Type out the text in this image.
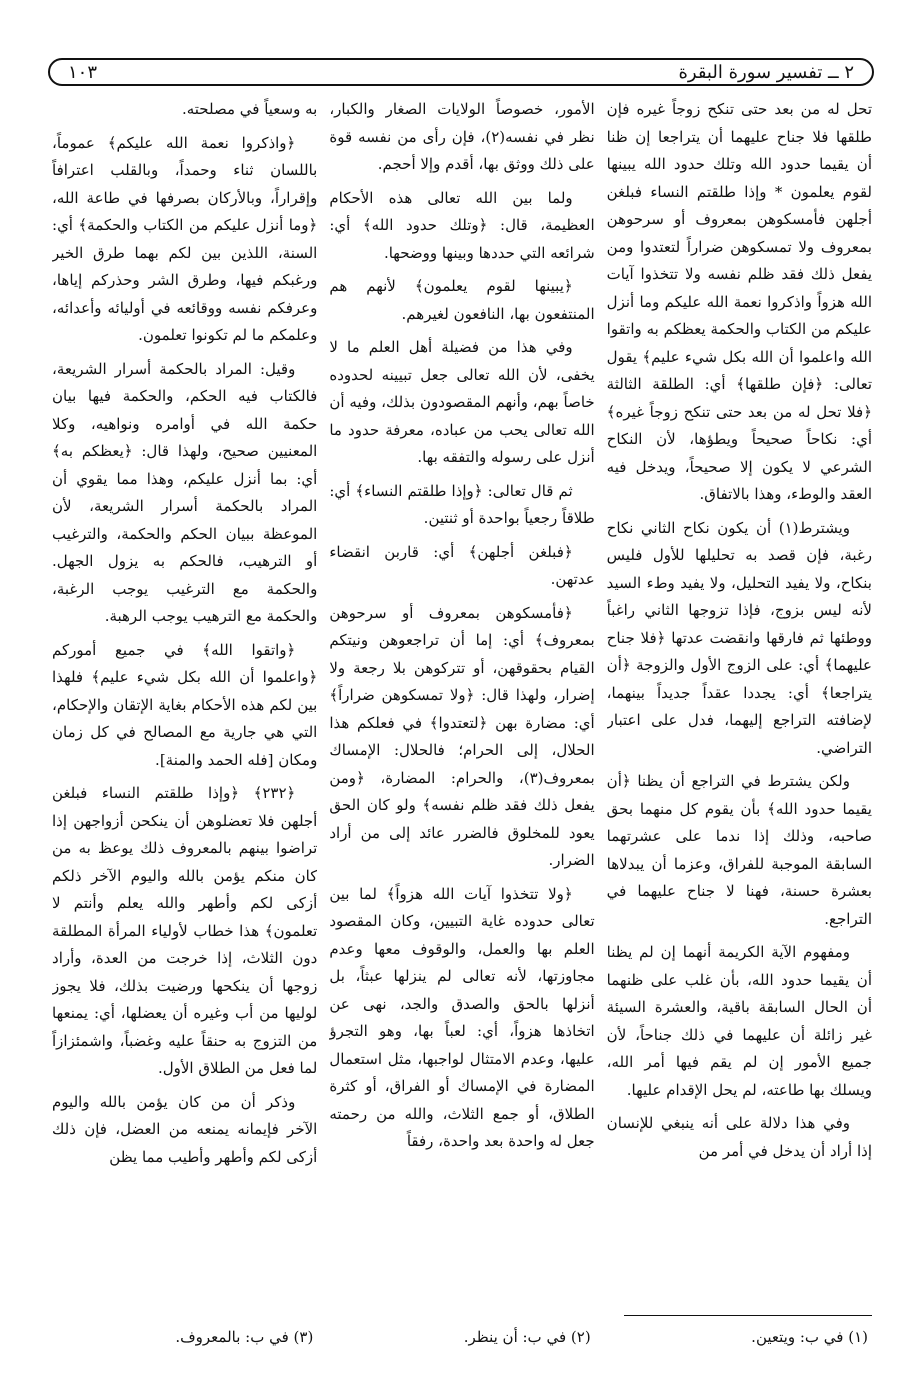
٢ ــ تفسير سورة البقرة
١٠٣

تحل له من بعد حتى تنكح زوجاً غيره فإن طلقها فلا جناح عليهما أن يتراجعا إن ظنا أن يقيما حدود الله وتلك حدود الله يبينها لقوم يعلمون * وإذا طلقتم النساء فبلغن أجلهن فأمسكوهن بمعروف أو سرحوهن بمعروف ولا تمسكوهن ضراراً لتعتدوا ومن يفعل ذلك فقد ظلم نفسه ولا تتخذوا آيات الله هزواً واذكروا نعمة الله عليكم وما أنزل عليكم من الكتاب والحكمة يعظكم به واتقوا الله واعلموا أن الله بكل شيء عليم﴾ يقول تعالى: ﴿فإن طلقها﴾ أي: الطلقة الثالثة ﴿فلا تحل له من بعد حتى تنكح زوجاً غيره﴾ أي: نكاحاً صحيحاً ويطؤها، لأن النكاح الشرعي لا يكون إلا صحيحاً، ويدخل فيه العقد والوطء، وهذا بالاتفاق.

ويشترط(١) أن يكون نكاح الثاني نكاح رغبة، فإن قصد به تحليلها للأول فليس بنكاح، ولا يفيد التحليل، ولا يفيد وطء السيد لأنه ليس بزوج، فإذا تزوجها الثاني راغباً ووطئها ثم فارقها وانقضت عدتها ﴿فلا جناح عليهما﴾ أي: على الزوج الأول والزوجة ﴿أن يتراجعا﴾ أي: يجددا عقداً جديداً بينهما، لإضافته التراجع إليهما، فدل على اعتبار التراضي.

ولكن يشترط في التراجع أن يظنا ﴿أن يقيما حدود الله﴾ بأن يقوم كل منهما بحق صاحبه، وذلك إذا ندما على عشرتهما السابقة الموجبة للفراق، وعزما أن يبدلاها بعشرة حسنة، فهنا لا جناح عليهما في التراجع.

ومفهوم الآية الكريمة أنهما إن لم يظنا أن يقيما حدود الله، بأن غلب على ظنهما أن الحال السابقة باقية، والعشرة السيئة غير زائلة أن عليهما في ذلك جناحاً، لأن جميع الأمور إن لم يقم فيها أمر الله، ويسلك بها طاعته، لم يحل الإقدام عليها.

وفي هذا دلالة على أنه ينبغي للإنسان إذا أراد أن يدخل في أمر من

الأمور، خصوصاً الولايات الصغار والكبار، نظر في نفسه(٢)، فإن رأى من نفسه قوة على ذلك ووثق بها، أقدم وإلا أحجم.

ولما بين الله تعالى هذه الأحكام العظيمة، قال: ﴿وتلك حدود الله﴾ أي: شرائعه التي حددها وبينها ووضحها.

﴿يبينها لقوم يعلمون﴾ لأنهم هم المنتفعون بها، النافعون لغيرهم.

وفي هذا من فضيلة أهل العلم ما لا يخفى، لأن الله تعالى جعل تبيينه لحدوده خاصاً بهم، وأنهم المقصودون بذلك، وفيه أن الله تعالى يحب من عباده، معرفة حدود ما أنزل على رسوله والتفقه بها.

ثم قال تعالى: ﴿وإذا طلقتم النساء﴾ أي: طلاقاً رجعياً بواحدة أو ثنتين.

﴿فبلغن أجلهن﴾ أي: قاربن انقضاء عدتهن.

﴿فأمسكوهن بمعروف أو سرحوهن بمعروف﴾ أي: إما أن تراجعوهن ونيتكم القيام بحقوقهن، أو تتركوهن بلا رجعة ولا إضرار، ولهذا قال: ﴿ولا تمسكوهن ضراراً﴾ أي: مضارة بهن ﴿لتعتدوا﴾ في فعلكم هذا الحلال، إلى الحرام؛ فالحلال: الإمساك بمعروف(٣)، والحرام: المضارة، ﴿ومن يفعل ذلك فقد ظلم نفسه﴾ ولو كان الحق يعود للمخلوق فالضرر عائد إلى من أراد الضرار.

﴿ولا تتخذوا آيات الله هزواً﴾ لما بين تعالى حدوده غاية التبيين، وكان المقصود العلم بها والعمل، والوقوف معها وعدم مجاوزتها، لأنه تعالى لم ينزلها عبثاً، بل أنزلها بالحق والصدق والجد، نهى عن اتخاذها هزواً، أي: لعباً بها، وهو التجرؤ عليها، وعدم الامتثال لواجبها، مثل استعمال المضارة في الإمساك أو الفراق، أو كثرة الطلاق، أو جمع الثلاث، والله من رحمته جعل له واحدة بعد واحدة، رفقاً

به وسعياً في مصلحته.

﴿واذكروا نعمة الله عليكم﴾ عموماً، باللسان ثناء وحمداً، وبالقلب اعترافاً وإقراراً، وبالأركان بصرفها في طاعة الله، ﴿وما أنزل عليكم من الكتاب والحكمة﴾ أي: السنة، اللذين بين لكم بهما طرق الخير ورغبكم فيها، وطرق الشر وحذركم إياها، وعرفكم نفسه ووقائعه في أوليائه وأعدائه، وعلمكم ما لم تكونوا تعلمون.

وقيل: المراد بالحكمة أسرار الشريعة، فالكتاب فيه الحكم، والحكمة فيها بيان حكمة الله في أوامره ونواهيه، وكلا المعنيين صحيح، ولهذا قال: ﴿يعظكم به﴾ أي: بما أنزل عليكم، وهذا مما يقوي أن المراد بالحكمة أسرار الشريعة، لأن الموعظة ببيان الحكم والحكمة، والترغيب أو الترهيب، فالحكم به يزول الجهل. والحكمة مع الترغيب يوجب الرغبة، والحكمة مع الترهيب يوجب الرهبة.

﴿واتقوا الله﴾ في جميع أموركم ﴿واعلموا أن الله بكل شيء عليم﴾ فلهذا بين لكم هذه الأحكام بغاية الإتقان والإحكام، التي هي جارية مع المصالح في كل زمان ومكان [فله الحمد والمنة].

﴿٢٣٢﴾ ﴿وإذا طلقتم النساء فبلغن أجلهن فلا تعضلوهن أن ينكحن أزواجهن إذا تراضوا بينهم بالمعروف ذلك يوعظ به من كان منكم يؤمن بالله واليوم الآخر ذلكم أزكى لكم وأطهر والله يعلم وأنتم لا تعلمون﴾ هذا خطاب لأولياء المرأة المطلقة دون الثلاث، إذا خرجت من العدة، وأراد زوجها أن ينكحها ورضيت بذلك، فلا يجوز لوليها من أب وغيره أن يعضلها، أي: يمنعها من التزوج به حنقاً عليه وغضباً، واشمئزازاً لما فعل من الطلاق الأول.

وذكر أن من كان يؤمن بالله واليوم الآخر فإيمانه يمنعه من العضل، فإن ذلك أزكى لكم وأطهر وأطيب مما يظن

(١) في ب: ويتعين.
(٢) في ب: أن ينظر.
(٣) في ب: بالمعروف.
